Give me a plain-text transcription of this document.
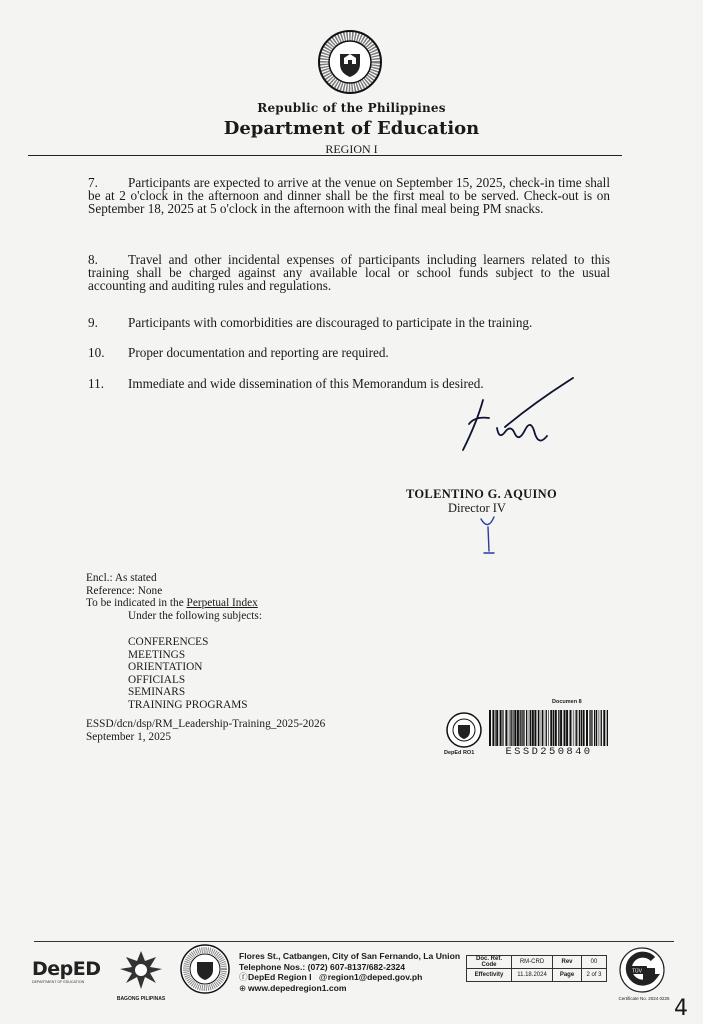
Republic of the Philippines
Department of Education
REGION I
7. Participants are expected to arrive at the venue on September 15, 2025, check-in time shall be at 2 o'clock in the afternoon and dinner shall be the first meal to be served. Check-out is on September 18, 2025 at 5 o'clock in the afternoon with the final meal being PM snacks.
8. Travel and other incidental expenses of participants including learners related to this training shall be charged against any available local or school funds subject to the usual accounting and auditing rules and regulations.
9. Participants with comorbidities are discouraged to participate in the training.
10. Proper documentation and reporting are required.
11. Immediate and wide dissemination of this Memorandum is desired.
TOLENTINO G. AQUINO
Director IV
Encl.: As stated
Reference: None
To be indicated in the Perpetual Index
Under the following subjects:
CONFERENCES
MEETINGS
ORIENTATION
OFFICIALS
SEMINARS
TRAINING PROGRAMS
ESSD/dcn/dsp/RM_Leadership-Training_2025-2026
September 1, 2025
Documen 8
DepEd RO1	ESSD250840
DepED
DEPARTMENT OF EDUCATION
BAGONG PILIPINAS
Flores St., Catbangen, City of San Fernando, La Union
Telephone Nos.: (072) 607-8137/682-2324
ⓕDepEd Region I @region1@deped.gov.ph
⊕ www.depedregion1.com
Doc. Ref. Code	RM-CRD	Rev	00
Effectivity	11.18.2024	Page	2 of 3
TÜV
Certificate No. 2024 0225 4
